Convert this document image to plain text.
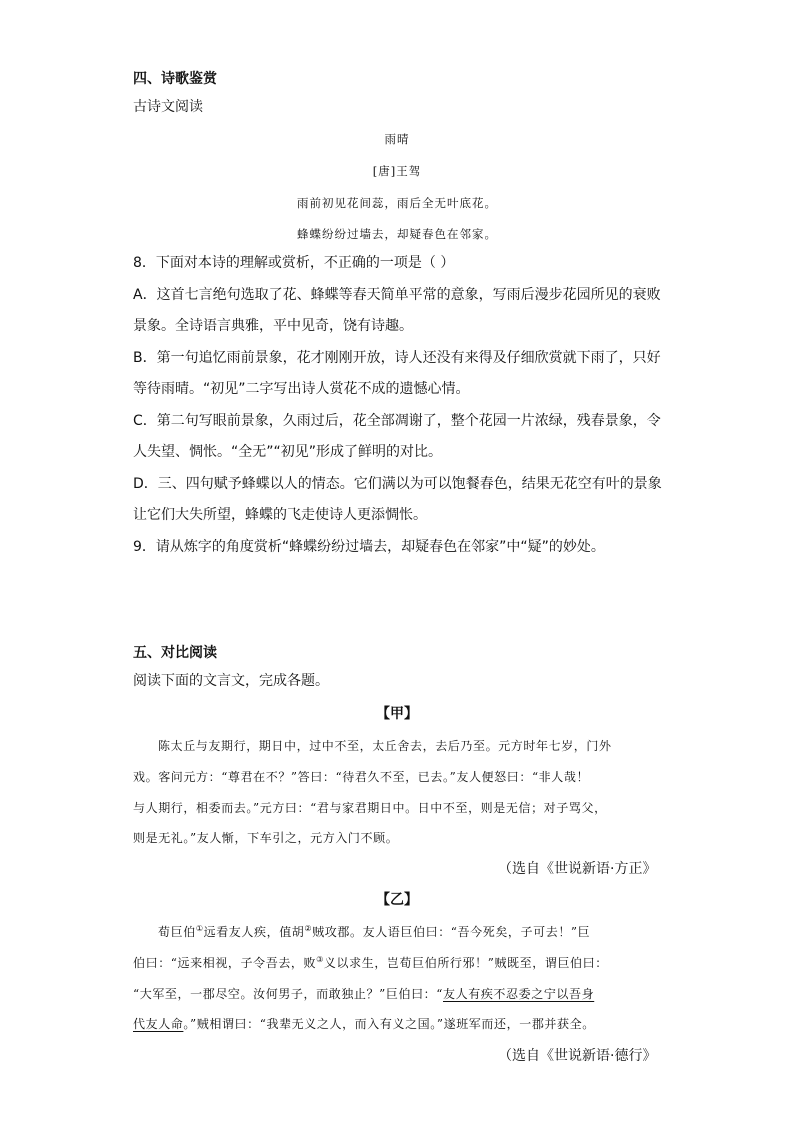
四、诗歌鉴赏
古诗文阅读
雨晴
[唐]王驾
雨前初见花间蕊，雨后全无叶底花。
蜂蝶纷纷过墙去，却疑春色在邻家。
8．下面对本诗的理解或赏析，不正确的一项是（ ）
A．这首七言绝句选取了花、蜂蝶等春天简单平常的意象，写雨后漫步花园所见的衰败
景象。全诗语言典雅，平中见奇，饶有诗趣。
B．第一句追忆雨前景象，花才刚刚开放，诗人还没有来得及仔细欣赏就下雨了，只好
等待雨晴。“初见”二字写出诗人赏花不成的遗憾心情。
C．第二句写眼前景象，久雨过后，花全部凋谢了，整个花园一片浓绿，残春景象，令
人失望、惆怅。“全无”“初见”形成了鲜明的对比。
D．三、四句赋予蜂蝶以人的情态。它们满以为可以饱餐春色，结果无花空有叶的景象
让它们大失所望，蜂蝶的飞走使诗人更添惆怅。
9．请从炼字的角度赏析“蜂蝶纷纷过墙去，却疑春色在邻家”中“疑”的妙处。
五、对比阅读
阅读下面的文言文，完成各题。
【甲】
陈太丘与友期行，期日中，过中不至，太丘舍去，去后乃至。元方时年七岁，门外
戏。客问元方：“尊君在不？”答曰：“待君久不至，已去。”友人便怒曰：“非人哉！
与人期行，相委而去。”元方曰：“君与家君期日中。日中不至，则是无信；对子骂父，
则是无礼。”友人惭，下车引之，元方入门不顾。
（选自《世说新语·方正》
【乙】
荀巨伯①远看友人疾，值胡②贼攻郡。友人语巨伯曰：“吾今死矣，子可去！”巨
伯曰：“远来相视，子令吾去，败③义以求生，岂荀巨伯所行邪！”贼既至，谓巨伯曰：
“大军至，一郡尽空。汝何男子，而敢独止？”巨伯曰：“友人有疾不忍委之宁以吾身
代友人命。”贼相谓曰：“我辈无义之人，而入有义之国。”遂班军而还，一郡并获全。
（选自《世说新语·德行》
